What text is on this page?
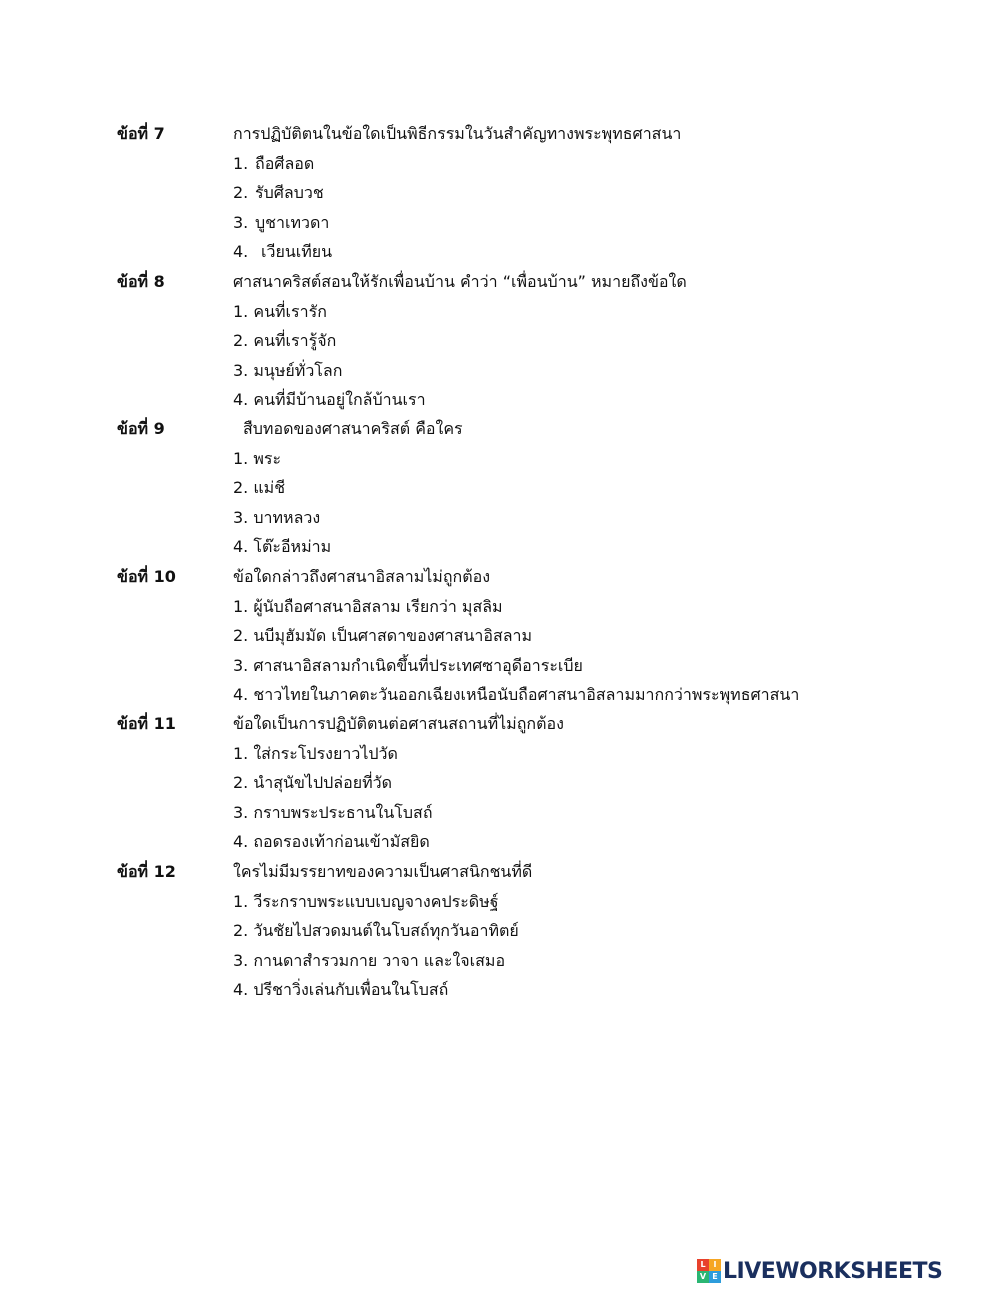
ข้อที่ 7	การปฏิบัติตนในข้อใดเป็นพิธีกรรมในวันสำคัญทางพระพุทธศาสนา
1. ถือศีลอด
2. รับศีลบวช
3. บูชาเทวดา
4. เวียนเทียน
ข้อที่ 8	ศาสนาคริสต์สอนให้รักเพื่อนบ้าน คำว่า “เพื่อนบ้าน” หมายถึงข้อใด
1. คนที่เรารัก
2. คนที่เรารู้จัก
3. มนุษย์ทั่วโลก
4. คนที่มีบ้านอยู่ใกล้บ้านเรา
ข้อที่ 9	สืบทอดของศาสนาคริสต์ คือใคร
1. พระ
2. แม่ชี
3. บาทหลวง
4. โต๊ะอีหม่าม
ข้อที่ 10	ข้อใดกล่าวถึงศาสนาอิสลามไม่ถูกต้อง
1. ผู้นับถือศาสนาอิสลาม เรียกว่า มุสลิม
2. นบีมุฮัมมัด เป็นศาสดาของศาสนาอิสลาม
3. ศาสนาอิสลามกำเนิดขึ้นที่ประเทศซาอุดีอาระเบีย
4. ชาวไทยในภาคตะวันออกเฉียงเหนือนับถือศาสนาอิสลามมากกว่าพระพุทธศาสนา
ข้อที่ 11	ข้อใดเป็นการปฏิบัติตนต่อศาสนสถานที่ไม่ถูกต้อง
1. ใส่กระโปรงยาวไปวัด
2. นำสุนัขไปปล่อยที่วัด
3. กราบพระประธานในโบสถ์
4. ถอดรองเท้าก่อนเข้ามัสยิด
ข้อที่ 12	ใครไม่มีมรรยาทของความเป็นศาสนิกชนที่ดี
1. วีระกราบพระแบบเบญจางคประดิษฐ์
2. วันชัยไปสวดมนต์ในโบสถ์ทุกวันอาทิตย์
3. กานดาสำรวมกาย วาจา และใจเสมอ
4. ปรีชาวิ่งเล่นกับเพื่อนในโบสถ์
L I
V E LIVEWORKSHEETS
